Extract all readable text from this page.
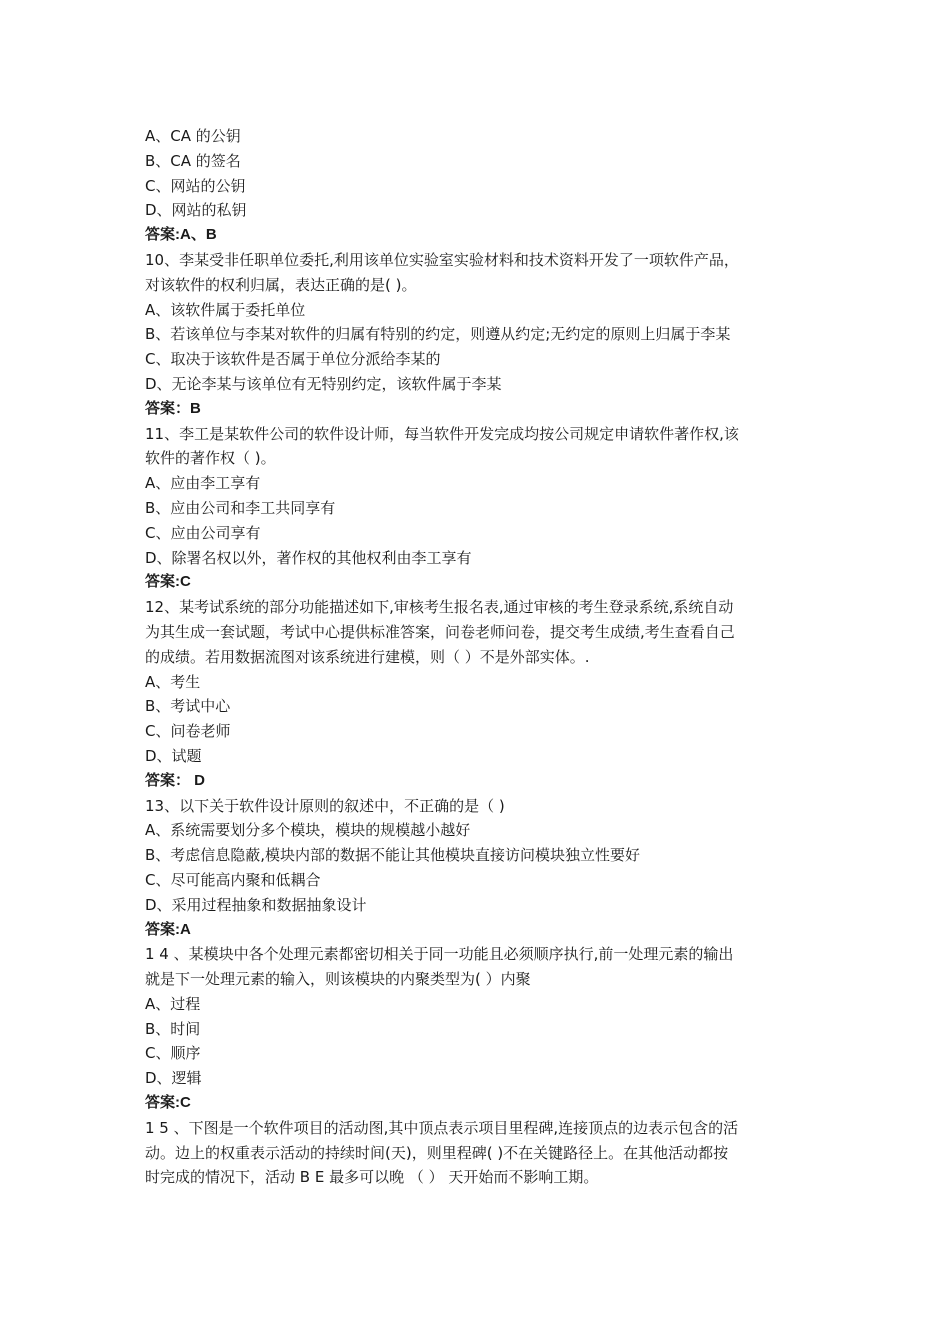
A、CA 的公钥
B、CA 的签名
C、网站的公钥
D、网站的私钥
答案:A、B
10、李某受非任职单位委托,利用该单位实验室实验材料和技术资料开发了一项软件产品，
对该软件的权利归属，表达正确的是( )。
A、该软件属于委托单位
B、若该单位与李某对软件的归属有特别的约定，则遵从约定;无约定的原则上归属于李某
C、取决于该软件是否属于单位分派给李某的
D、无论李某与该单位有无特别约定，该软件属于李某
答案：B
11、李工是某软件公司的软件设计师，每当软件开发完成均按公司规定申请软件著作权,该
软件的著作权（ )。
A、应由李工享有
B、应由公司和李工共同享有
C、应由公司享有
D、除署名权以外，著作权的其他权利由李工享有
答案:C
12、某考试系统的部分功能描述如下,审核考生报名表,通过审核的考生登录系统,系统自动
为其生成一套试题，考试中心提供标准答案，问卷老师问卷，提交考生成绩,考生查看自己
的成绩。若用数据流图对该系统进行建模，则（ ）不是外部实体。.
A、考生
B、考试中心
C、问卷老师
D、试题
答案： D
13、以下关于软件设计原则的叙述中，不正确的是（ )
A、系统需要划分多个模块，模块的规模越小越好
B、考虑信息隐蔽,模块内部的数据不能让其他模块直接访问模块独立性要好
C、尽可能高内聚和低耦合
D、采用过程抽象和数据抽象设计
答案:A
1 4 、某模块中各个处理元素都密切相关于同一功能且必须顺序执行,前一处理元素的输出
就是下一处理元素的输入，则该模块的内聚类型为( ）内聚
A、过程
B、时间
C、顺序
D、逻辑
答案:C
1 5 、下图是一个软件项目的活动图,其中顶点表示项目里程碑,连接顶点的边表示包含的活
动。边上的权重表示活动的持续时间(天)，则里程碑( )不在关键路径上。在其他活动都按
时完成的情况下，活动 B E 最多可以晚 （ ） 天开始而不影响工期。
